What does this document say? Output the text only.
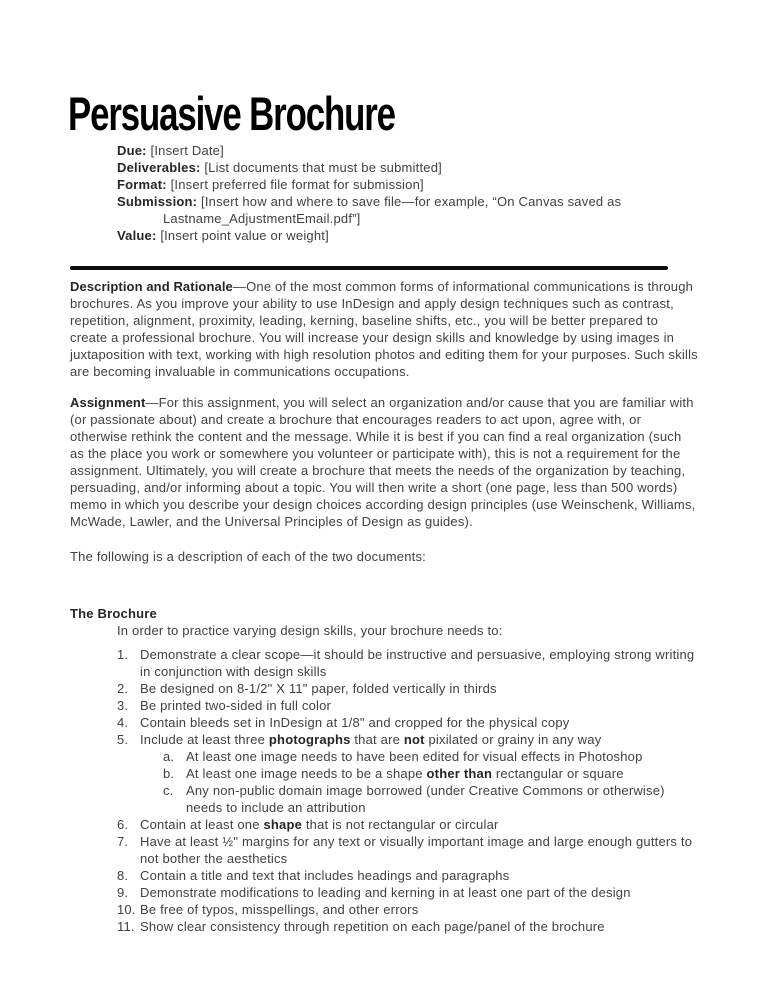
Persuasive Brochure

Due: [Insert Date]

Deliverables: [List documents that must be submitted]

Format: [Insert preferred file format for submission]

Submission: [Insert how and where to save file—for example, “On Canvas saved as Lastname_AdjustmentEmail.pdf”]

Value: [Insert point value or weight]

Description and Rationale—One of the most common forms of informational communications is through brochures. As you improve your ability to use InDesign and apply design techniques such as contrast, repetition, alignment, proximity, leading, kerning, baseline shifts, etc., you will be better prepared to create a professional brochure. You will increase your design skills and knowledge by using images in juxtaposition with text, working with high resolution photos and editing them for your purposes. Such skills are becoming invaluable in communications occupations.

Assignment—For this assignment, you will select an organization and/or cause that you are familiar with (or passionate about) and create a brochure that encourages readers to act upon, agree with, or otherwise rethink the content and the message. While it is best if you can find a real organization (such as the place you work or somewhere you volunteer or participate with), this is not a requirement for the assignment. Ultimately, you will create a brochure that meets the needs of the organization by teaching, persuading, and/or informing about a topic. You will then write a short (one page, less than 500 words) memo in which you describe your design choices according design principles (use Weinschenk, Williams, McWade, Lawler, and the Universal Principles of Design as guides).

The following is a description of each of the two documents:

The Brochure

In order to practice varying design skills, your brochure needs to:

1. Demonstrate a clear scope—it should be instructive and persuasive, employing strong writing in conjunction with design skills
2. Be designed on 8-1/2" X 11" paper, folded vertically in thirds
3. Be printed two-sided in full color
4. Contain bleeds set in InDesign at 1/8" and cropped for the physical copy
5. Include at least three photographs that are not pixilated or grainy in any way
a. At least one image needs to have been edited for visual effects in Photoshop
b. At least one image needs to be a shape other than rectangular or square
c. Any non-public domain image borrowed (under Creative Commons or otherwise) needs to include an attribution
6. Contain at least one shape that is not rectangular or circular
7. Have at least ½" margins for any text or visually important image and large enough gutters to not bother the aesthetics
8. Contain a title and text that includes headings and paragraphs
9. Demonstrate modifications to leading and kerning in at least one part of the design
10. Be free of typos, misspellings, and other errors
11. Show clear consistency through repetition on each page/panel of the brochure
